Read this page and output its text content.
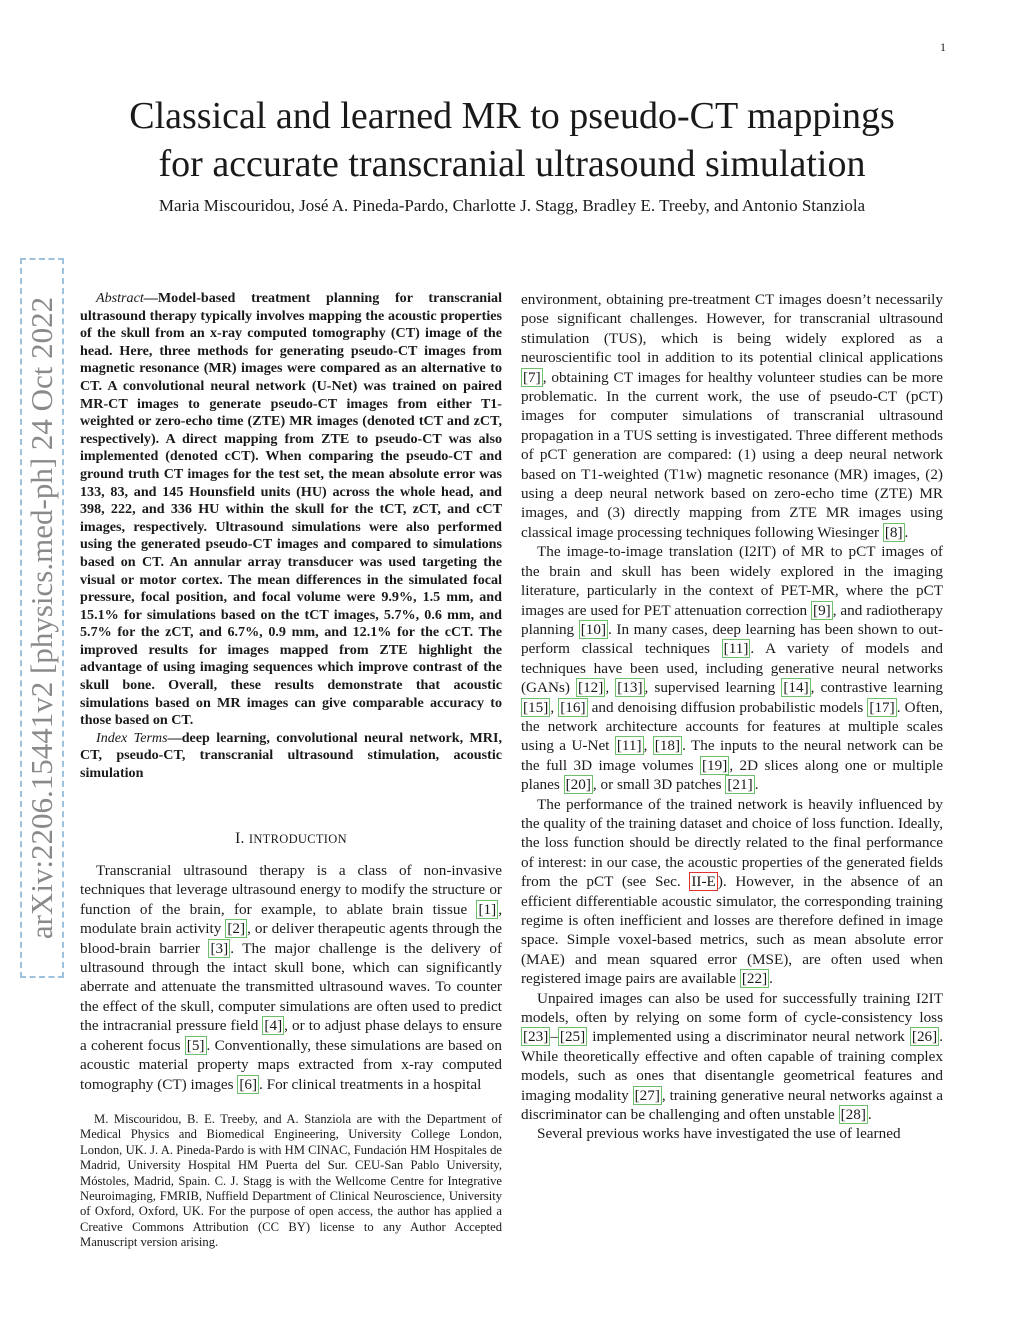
1
arXiv:2206.15441v2 [physics.med-ph] 24 Oct 2022
Classical and learned MR to pseudo-CT mappings
for accurate transcranial ultrasound simulation
Maria Miscouridou, José A. Pineda-Pardo, Charlotte J. Stagg, Bradley E. Treeby, and Antonio Stanziola

Abstract—Model-based treatment planning for transcranial ultrasound therapy typically involves mapping the acoustic properties of the skull from an x-ray computed tomography (CT) image of the head. Here, three methods for generating pseudo-CT images from magnetic resonance (MR) images were compared as an alternative to CT. A convolutional neural network (U-Net) was trained on paired MR-CT images to generate pseudo-CT images from either T1-weighted or zero-echo time (ZTE) MR images (denoted tCT and zCT, respectively). A direct mapping from ZTE to pseudo-CT was also implemented (denoted cCT). When comparing the pseudo-CT and ground truth CT images for the test set, the mean absolute error was 133, 83, and 145 Hounsfield units (HU) across the whole head, and 398, 222, and 336 HU within the skull for the tCT, zCT, and cCT images, respectively. Ultrasound simulations were also performed using the generated pseudo-CT images and compared to simulations based on CT. An annular array transducer was used targeting the visual or motor cortex. The mean differences in the simulated focal pressure, focal position, and focal volume were 9.9%, 1.5 mm, and 15.1% for simulations based on the tCT images, 5.7%, 0.6 mm, and 5.7% for the zCT, and 6.7%, 0.9 mm, and 12.1% for the cCT. The improved results for images mapped from ZTE highlight the advantage of using imaging sequences which improve contrast of the skull bone. Overall, these results demonstrate that acoustic simulations based on MR images can give comparable accuracy to those based on CT.

Index Terms—deep learning, convolutional neural network, MRI, CT, pseudo-CT, transcranial ultrasound stimulation, acoustic simulation

I. INTRODUCTION

Transcranial ultrasound therapy is a class of non-invasive techniques that leverage ultrasound energy to modify the structure or function of the brain, for example, to ablate brain tissue [1] , modulate brain activity [2] , or deliver therapeutic agents through the blood-brain barrier [3] . The major challenge is the delivery of ultrasound through the intact skull bone, which can significantly aberrate and attenuate the transmitted ultrasound waves. To counter the effect of the skull, computer simulations are often used to predict the intracranial pressure field [4] , or to adjust phase delays to ensure a coherent focus [5] . Conventionally, these simulations are based on acoustic material property maps extracted from x-ray computed tomography (CT) images [6] . For clinical treatments in a hospital

M. Miscouridou, B. E. Treeby, and A. Stanziola are with the Department of Medical Physics and Biomedical Engineering, University College London, London, UK. J. A. Pineda-Pardo is with HM CINAC, Fundación HM Hospitales de Madrid, University Hospital HM Puerta del Sur. CEU-San Pablo University, Móstoles, Madrid, Spain. C. J. Stagg is with the Wellcome Centre for Integrative Neuroimaging, FMRIB, Nuffield Department of Clinical Neuroscience, University of Oxford, Oxford, UK. For the purpose of open access, the author has applied a Creative Commons Attribution (CC BY) license to any Author Accepted Manuscript version arising.

environment, obtaining pre-treatment CT images doesn’t necessarily pose significant challenges. However, for transcranial ultrasound stimulation (TUS), which is being widely explored as a neuroscientific tool in addition to its potential clinical applications [7] , obtaining CT images for healthy volunteer studies can be more problematic. In the current work, the use of pseudo-CT (pCT) images for computer simulations of transcranial ultrasound propagation in a TUS setting is investigated. Three different methods of pCT generation are compared: (1) using a deep neural network based on T1-weighted (T1w) magnetic resonance (MR) images, (2) using a deep neural network based on zero-echo time (ZTE) MR images, and (3) directly mapping from ZTE MR images using classical image processing techniques following Wiesinger [8] .

The image-to-image translation (I2IT) of MR to pCT images of the brain and skull has been widely explored in the imaging literature, particularly in the context of PET-MR, where the pCT images are used for PET attenuation correction [9] , and radiotherapy planning [10] . In many cases, deep learning has been shown to out-perform classical techniques [11] . A variety of models and techniques have been used, including generative neural networks (GANs) [12] , [13] , supervised learning [14] , contrastive learning [15] , [16] and denoising diffusion probabilistic models [17] . Often, the network architecture accounts for features at multiple scales using a U-Net [11] , [18] . The inputs to the neural network can be the full 3D image volumes [19] , 2D slices along one or multiple planes [20] , or small 3D patches [21] .

The performance of the trained network is heavily influenced by the quality of the training dataset and choice of loss function. Ideally, the loss function should be directly related to the final performance of interest: in our case, the acoustic properties of the generated fields from the pCT (see Sec. II-E ). However, in the absence of an efficient differentiable acoustic simulator, the corresponding training regime is often inefficient and losses are therefore defined in image space. Simple voxel-based metrics, such as mean absolute error (MAE) and mean squared error (MSE), are often used when registered image pairs are available [22] .

Unpaired images can also be used for successfully training I2IT models, often by relying on some form of cycle-consistency loss [23] – [25] implemented using a discriminator neural network [26] . While theoretically effective and often capable of training complex models, such as ones that disentangle geometrical features and imaging modality [27] , training generative neural networks against a discriminator can be challenging and often unstable [28] .

Several previous works have investigated the use of learned
